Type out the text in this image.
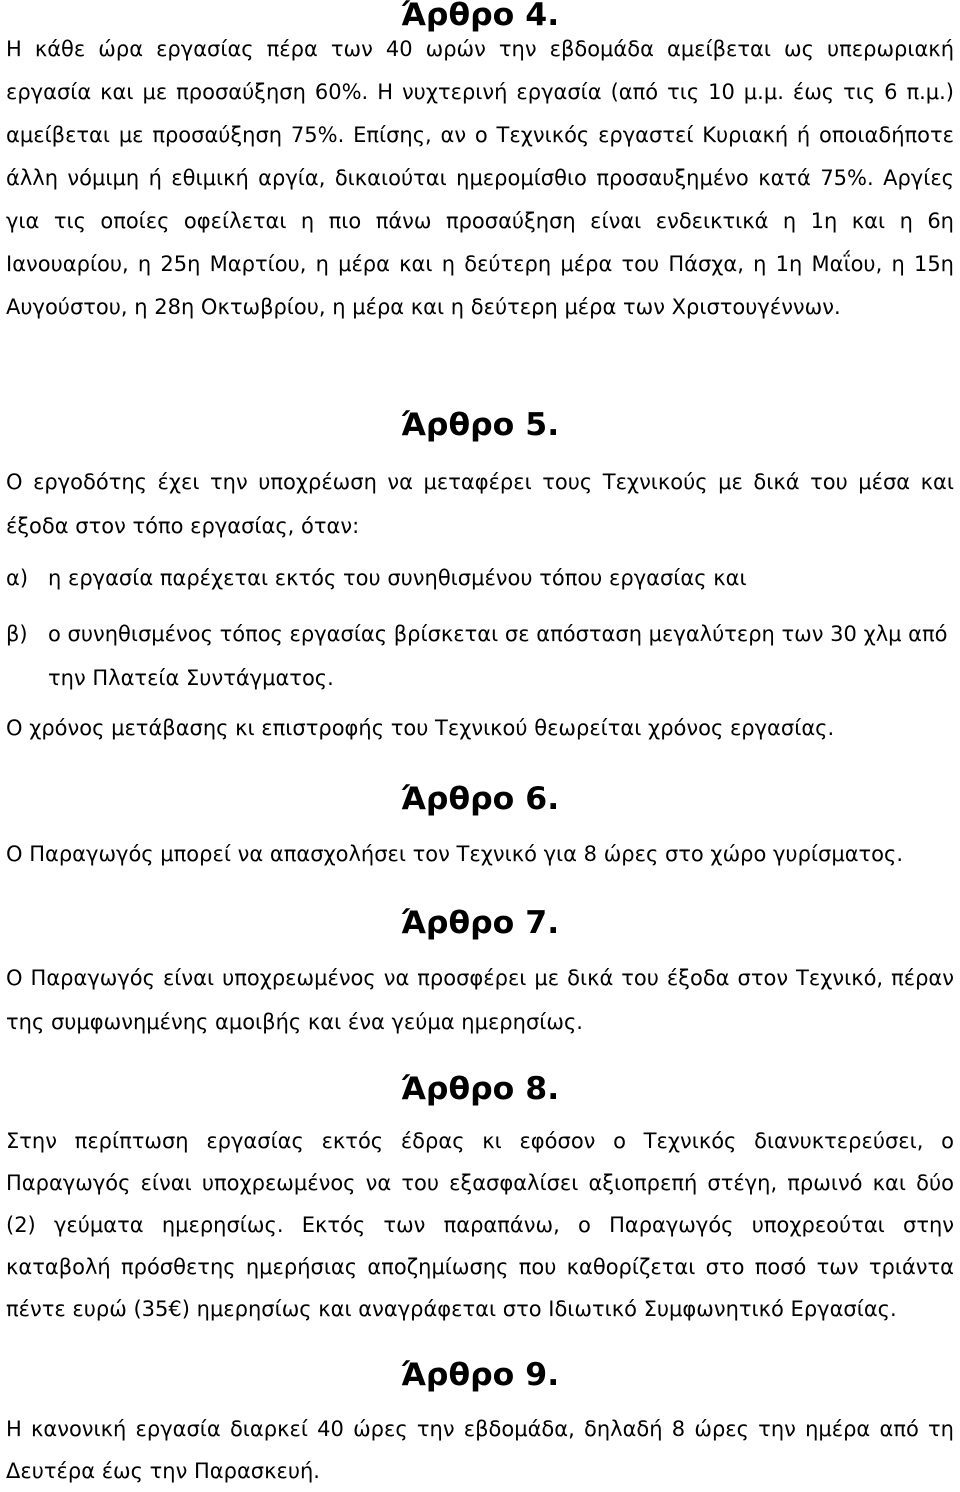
Άρθρο 4.

Η κάθε ώρα εργασίας πέρα των 40 ωρών την εβδομάδα αμείβεται ως υπερωριακή εργασία και με προσαύξηση 60%. Η νυχτερινή εργασία (από τις 10 μ.μ. έως τις 6 π.μ.) αμείβεται με προσαύξηση 75%. Επίσης, αν ο Τεχνικός εργαστεί Κυριακή ή οποιαδήποτε άλλη νόμιμη ή εθιμική αργία, δικαιούται ημερομίσθιο προσαυξημένο κατά 75%. Αργίες για τις οποίες οφείλεται η πιο πάνω προσαύξηση είναι ενδεικτικά η 1η και η 6η Ιανουαρίου, η 25η Μαρτίου, η μέρα και η δεύτερη μέρα του Πάσχα, η 1η Μαΐου, η 15η Αυγούστου, η 28η Οκτωβρίου, η μέρα και η δεύτερη μέρα των Χριστουγέννων.

Άρθρο 5.

Ο εργοδότης έχει την υποχρέωση να μεταφέρει τους Τεχνικούς με δικά του μέσα και έξοδα στον τόπο εργασίας, όταν:

α) η εργασία παρέχεται εκτός του συνηθισμένου τόπου εργασίας και
β) ο συνηθισμένος τόπος εργασίας βρίσκεται σε απόσταση μεγαλύτερη των 30 χλμ από την Πλατεία Συντάγματος.

Ο χρόνος μετάβασης κι επιστροφής του Τεχνικού θεωρείται χρόνος εργασίας.

Άρθρο 6.

Ο Παραγωγός μπορεί να απασχολήσει τον Τεχνικό για 8 ώρες στο χώρο γυρίσματος.

Άρθρο 7.

Ο Παραγωγός είναι υποχρεωμένος να προσφέρει με δικά του έξοδα στον Τεχνικό, πέραν της συμφωνημένης αμοιβής και ένα γεύμα ημερησίως.

Άρθρο 8.

Στην περίπτωση εργασίας εκτός έδρας κι εφόσον ο Τεχνικός διανυκτερεύσει, ο Παραγωγός είναι υποχρεωμένος να του εξασφαλίσει αξιοπρεπή στέγη, πρωινό και δύο (2) γεύματα ημερησίως. Εκτός των παραπάνω, ο Παραγωγός υποχρεούται στην καταβολή πρόσθετης ημερήσιας αποζημίωσης που καθορίζεται στο ποσό των τριάντα πέντε ευρώ (35€) ημερησίως και αναγράφεται στο Ιδιωτικό Συμφωνητικό Εργασίας.

Άρθρο 9.

Η κανονική εργασία διαρκεί 40 ώρες την εβδομάδα, δηλαδή 8 ώρες την ημέρα από τη Δευτέρα έως την Παρασκευή.
